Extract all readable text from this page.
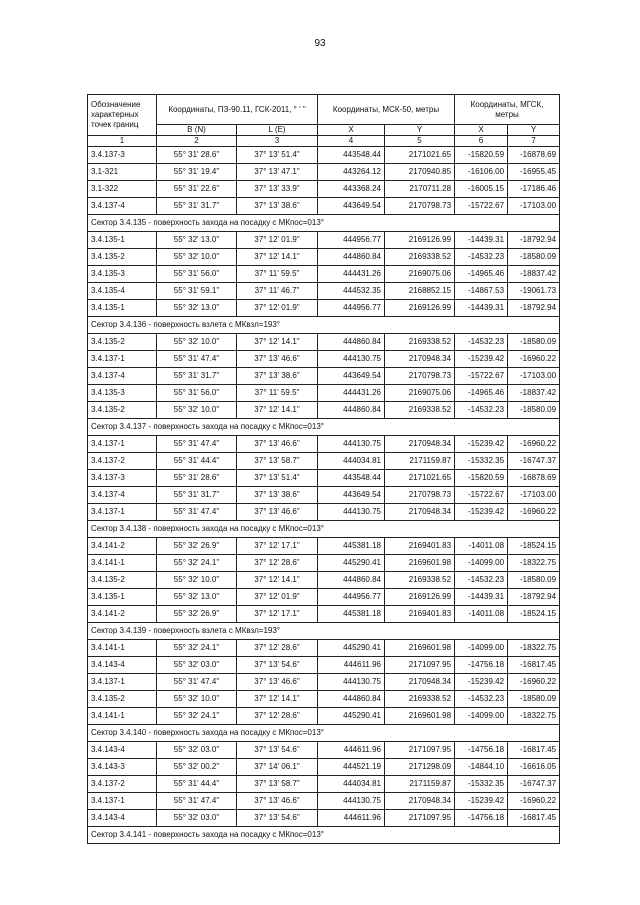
93
Обозначение характерных точек границ	Координаты, ПЗ-90.11, ГСК-2011, ° ' "		Координаты, МСК-50, метры		Координаты, МГСК, метры	
	B (N)	L (E)	X	Y	X	Y
1	2	3	4	5	6	7
3.4.137-3	55° 31' 28.6"	37° 13' 51.4"	443548.44	2171021.65	-15820.59	-16878.69
3.1-321	55° 31' 19.4"	37° 13' 47.1"	443264.12	2170940.85	-16106.00	-16955.45
3.1-322	55° 31' 22.6"	37° 13' 33.9"	443368.24	2170711.28	-16005.15	-17186.46
3.4.137-4	55° 31' 31.7"	37° 13' 38.6"	443649.54	2170798.73	-15722.67	-17103.00
Сектор 3.4.135 - поверхность захода на посадку с МКпос=013°						
3.4.135-1	55° 32' 13.0"	37° 12' 01.9"	444956.77	2169126.99	-14439.31	-18792.94
3.4.135-2	55° 32' 10.0"	37° 12' 14.1"	444860.84	2169338.52	-14532.23	-18580.09
3.4.135-3	55° 31' 56.0"	37° 11' 59.5"	444431.26	2169075.06	-14965.46	-18837.42
3.4.135-4	55° 31' 59.1"	37° 11' 46.7"	444532.35	2168852.15	-14867.53	-19061.73
3.4.135-1	55° 32' 13.0"	37° 12' 01.9"	444956.77	2169126.99	-14439.31	-18792.94
Сектор 3.4.136 - поверхность взлета с МКвзл=193°						
3.4.135-2	55° 32' 10.0"	37° 12' 14.1"	444860.84	2169338.52	-14532.23	-18580.09
3.4.137-1	55° 31' 47.4"	37° 13' 46.6"	444130.75	2170948.34	-15239.42	-16960.22
3.4.137-4	55° 31' 31.7"	37° 13' 38.6"	443649.54	2170798.73	-15722.67	-17103.00
3.4.135-3	55° 31' 56.0"	37° 11' 59.5"	444431.26	2169075.06	-14965.46	-18837.42
3.4.135-2	55° 32' 10.0"	37° 12' 14.1"	444860.84	2169338.52	-14532.23	-18580.09
Сектор 3.4.137 - поверхность захода на посадку с МКпос=013°						
3.4.137-1	55° 31' 47.4"	37° 13' 46.6"	444130.75	2170948.34	-15239.42	-16960.22
3.4.137-2	55° 31' 44.4"	37° 13' 58.7"	444034.81	2171159.87	-15332.35	-16747.37
3.4.137-3	55° 31' 28.6"	37° 13' 51.4"	443548.44	2171021.65	-15820.59	-16878.69
3.4.137-4	55° 31' 31.7"	37° 13' 38.6"	443649.54	2170798.73	-15722.67	-17103.00
3.4.137-1	55° 31' 47.4"	37° 13' 46.6"	444130.75	2170948.34	-15239.42	-16960.22
Сектор 3.4.138 - поверхность захода на посадку с МКпос=013°						
3.4.141-2	55° 32' 26.9"	37° 12' 17.1"	445381.18	2169401.83	-14011.08	-18524.15
3.4.141-1	55° 32' 24.1"	37° 12' 28.6"	445290.41	2169601.98	-14099.00	-18322.75
3.4.135-2	55° 32' 10.0"	37° 12' 14.1"	444860.84	2169338.52	-14532.23	-18580.09
3.4.135-1	55° 32' 13.0"	37° 12' 01.9"	444956.77	2169126.99	-14439.31	-18792.94
3.4.141-2	55° 32' 26.9"	37° 12' 17.1"	445381.18	2169401.83	-14011.08	-18524.15
Сектор 3.4.139 - поверхность взлета с МКвзл=193°						
3.4.141-1	55° 32' 24.1"	37° 12' 28.6"	445290.41	2169601.98	-14099.00	-18322.75
3.4.143-4	55° 32' 03.0"	37° 13' 54.6"	444611.96	2171097.95	-14756.18	-16817.45
3.4.137-1	55° 31' 47.4"	37° 13' 46.6"	444130.75	2170948.34	-15239.42	-16960.22
3.4.135-2	55° 32' 10.0"	37° 12' 14.1"	444860.84	2169338.52	-14532.23	-18580.09
3.4.141-1	55° 32' 24.1"	37° 12' 28.6"	445290.41	2169601.98	-14099.00	-18322.75
Сектор 3.4.140 - поверхность захода на посадку с МКпос=013°						
3.4.143-4	55° 32' 03.0"	37° 13' 54.6"	444611.96	2171097.95	-14756.18	-16817.45
3.4.143-3	55° 32' 00.2"	37° 14' 06.1"	444521.19	2171298.09	-14844.10	-16616.05
3.4.137-2	55° 31' 44.4"	37° 13' 58.7"	444034.81	2171159.87	-15332.35	-16747.37
3.4.137-1	55° 31' 47.4"	37° 13' 46.6"	444130.75	2170948.34	-15239.42	-16960.22
3.4.143-4	55° 32' 03.0"	37° 13' 54.6"	444611.96	2171097.95	-14756.18	-16817.45
Сектор 3.4.141 - поверхность захода на посадку с МКпос=013°						
